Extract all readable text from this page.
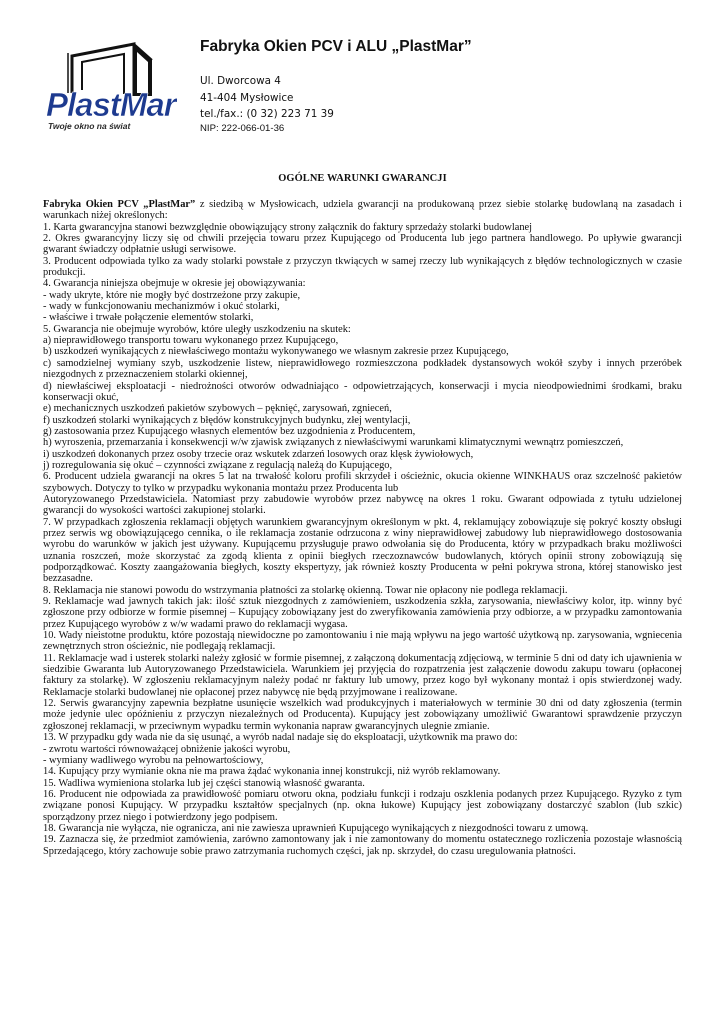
PlastMar
Twoje okno na świat
Fabryka Okien PCV i ALU „PlastMar”
Ul. Dworcowa 4
41-404 Mysłowice
tel./fax.: (0 32) 223 71 39
NIP: 222-066-01-36
OGÓLNE WARUNKI GWARANCJI

Fabryka Okien PCV „PlastMar” z siedzibą w Mysłowicach, udziela gwarancji na produkowaną przez siebie stolarkę budowlaną na zasadach i warunkach niżej określonych:

1. Karta gwarancyjna stanowi bezwzględnie obowiązujący strony załącznik do faktury sprzedaży stolarki budowlanej

2. Okres gwarancyjny liczy się od chwili przejęcia towaru przez Kupującego od Producenta lub jego partnera handlowego. Po upływie gwarancji gwarant świadczy odpłatnie usługi serwisowe.

3. Producent odpowiada tylko za wady stolarki powstałe z przyczyn tkwiących w samej rzeczy lub wynikających z błędów technologicznych w czasie produkcji.

4. Gwarancja niniejsza obejmuje w okresie jej obowiązywania:

- wady ukryte, które nie mogły być dostrzeżone przy zakupie,

- wady w funkcjonowaniu mechanizmów i okuć stolarki,

- właściwe i trwałe połączenie elementów stolarki,

5. Gwarancja nie obejmuje wyrobów, które uległy uszkodzeniu na skutek:

a) nieprawidłowego transportu towaru wykonanego przez Kupującego,

b) uszkodzeń wynikających z niewłaściwego montażu wykonywanego we własnym zakresie przez Kupującego,

c) samodzielnej wymiany szyb, uszkodzenie listew, nieprawidłowego rozmieszczona podkładek dystansowych wokół szyby i innych przeróbek niezgodnych z przeznaczeniem stolarki okiennej,

d) niewłaściwej eksploatacji - niedrożności otworów odwadniająco - odpowietrzających, konserwacji i mycia nieodpowiednimi środkami, braku konserwacji okuć,

e) mechanicznych uszkodzeń pakietów szybowych – pęknięć, zarysowań, zgnieceń,

f) uszkodzeń stolarki wynikających z błędów konstrukcyjnych budynku, złej wentylacji,

g) zastosowania przez Kupującego własnych elementów bez uzgodnienia z Producentem,

h) wyroszenia, przemarzania i konsekwencji w/w zjawisk związanych z niewłaściwymi warunkami klimatycznymi wewnątrz pomieszczeń,

i) uszkodzeń dokonanych przez osoby trzecie oraz wskutek zdarzeń losowych oraz klęsk żywiołowych,

j) rozregulowania się okuć – czynności związane z regulacją należą do Kupującego,

6. Producent udziela gwarancji na okres 5 lat na trwałość koloru profili skrzydeł i ościeżnic, okucia okienne WINKHAUS oraz szczelność pakietów szybowych. Dotyczy to tylko w przypadku wykonania montażu przez Producenta lub

Autoryzowanego Przedstawiciela. Natomiast przy zabudowie wyrobów przez nabywcę na okres 1 roku. Gwarant odpowiada z tytułu udzielonej gwarancji do wysokości wartości zakupionej stolarki.

7. W przypadkach zgłoszenia reklamacji objętych warunkiem gwarancyjnym określonym w pkt. 4, reklamujący zobowiązuje się pokryć koszty obsługi przez serwis wg obowiązującego cennika, o ile reklamacja zostanie odrzucona z winy nieprawidłowej zabudowy lub nieprawidłowego dostosowania wyrobu do warunków w jakich jest używany. Kupującemu przysługuje prawo odwołania się do Producenta, który w przypadkach braku możliwości uznania roszczeń, może skorzystać za zgodą klienta z opinii biegłych rzeczoznawców budowlanych, których opinii strony zobowiązują się podporządkować. Koszty zaangażowania biegłych, koszty ekspertyzy, jak również koszty Producenta w pełni pokrywa strona, której stanowisko jest bezzasadne.

8. Reklamacja nie stanowi powodu do wstrzymania płatności za stolarkę okienną. Towar nie opłacony nie podlega reklamacji.

9. Reklamacje wad jawnych takich jak: ilość sztuk niezgodnych z zamówieniem, uszkodzenia szkła, zarysowania, niewłaściwy kolor, itp. winny być zgłoszone przy odbiorze w formie pisemnej – Kupujący zobowiązany jest do zweryfikowania zamówienia przy odbiorze, a w przypadku zamontowania przez Kupującego wyrobów z w/w wadami prawo do reklamacji wygasa.

10. Wady nieistotne produktu, które pozostają niewidoczne po zamontowaniu i nie mają wpływu na jego wartość użytkową np. zarysowania, wgniecenia zewnętrznych stron ościeżnic, nie podlegają reklamacji.

11. Reklamacje wad i usterek stolarki należy zgłosić w formie pisemnej, z załączoną dokumentacją zdjęciową, w terminie 5 dni od daty ich ujawnienia w siedzibie Gwaranta lub Autoryzowanego Przedstawiciela. Warunkiem jej przyjęcia do rozpatrzenia jest załączenie dowodu zakupu towaru (opłaconej faktury za stolarkę). W zgłoszeniu reklamacyjnym należy podać nr faktury lub umowy, przez kogo był wykonany montaż i opis stwierdzonej wady. Reklamacje stolarki budowlanej nie opłaconej przez nabywcę nie będą przyjmowane i realizowane.

12. Serwis gwarancyjny zapewnia bezpłatne usunięcie wszelkich wad produkcyjnych i materiałowych w terminie 30 dni od daty zgłoszenia (termin może jedynie ulec opóźnieniu z przyczyn niezależnych od Producenta). Kupujący jest zobowiązany umożliwić Gwarantowi sprawdzenie przyczyn zgłoszonej reklamacji, w przeciwnym wypadku termin wykonania napraw gwarancyjnych ulegnie zmianie.

13. W przypadku gdy wada nie da się usunąć, a wyrób nadal nadaje się do eksploatacji, użytkownik ma prawo do:

- zwrotu wartości równoważącej obniżenie jakości wyrobu,

- wymiany wadliwego wyrobu na pełnowartościowy,

14. Kupujący przy wymianie okna nie ma prawa żądać wykonania innej konstrukcji, niż wyrób reklamowany.

15. Wadliwa wymieniona stolarka lub jej części stanowią własność gwaranta.

16. Producent nie odpowiada za prawidłowość pomiaru otworu okna, podziału funkcji i rodzaju oszklenia podanych przez Kupującego. Ryzyko z tym związane ponosi Kupujący. W przypadku kształtów specjalnych (np. okna łukowe) Kupujący jest zobowiązany dostarczyć szablon (lub szkic) sporządzony przez niego i potwierdzony jego podpisem.

18. Gwarancja nie wyłącza, nie ogranicza, ani nie zawiesza uprawnień Kupującego wynikających z niezgodności towaru z umową.

19. Zaznacza się, że przedmiot zamówienia, zarówno zamontowany jak i nie zamontowany do momentu ostatecznego rozliczenia pozostaje własnością Sprzedającego, który zachowuje sobie prawo zatrzymania ruchomych części, jak np. skrzydeł, do czasu uregulowania płatności.
